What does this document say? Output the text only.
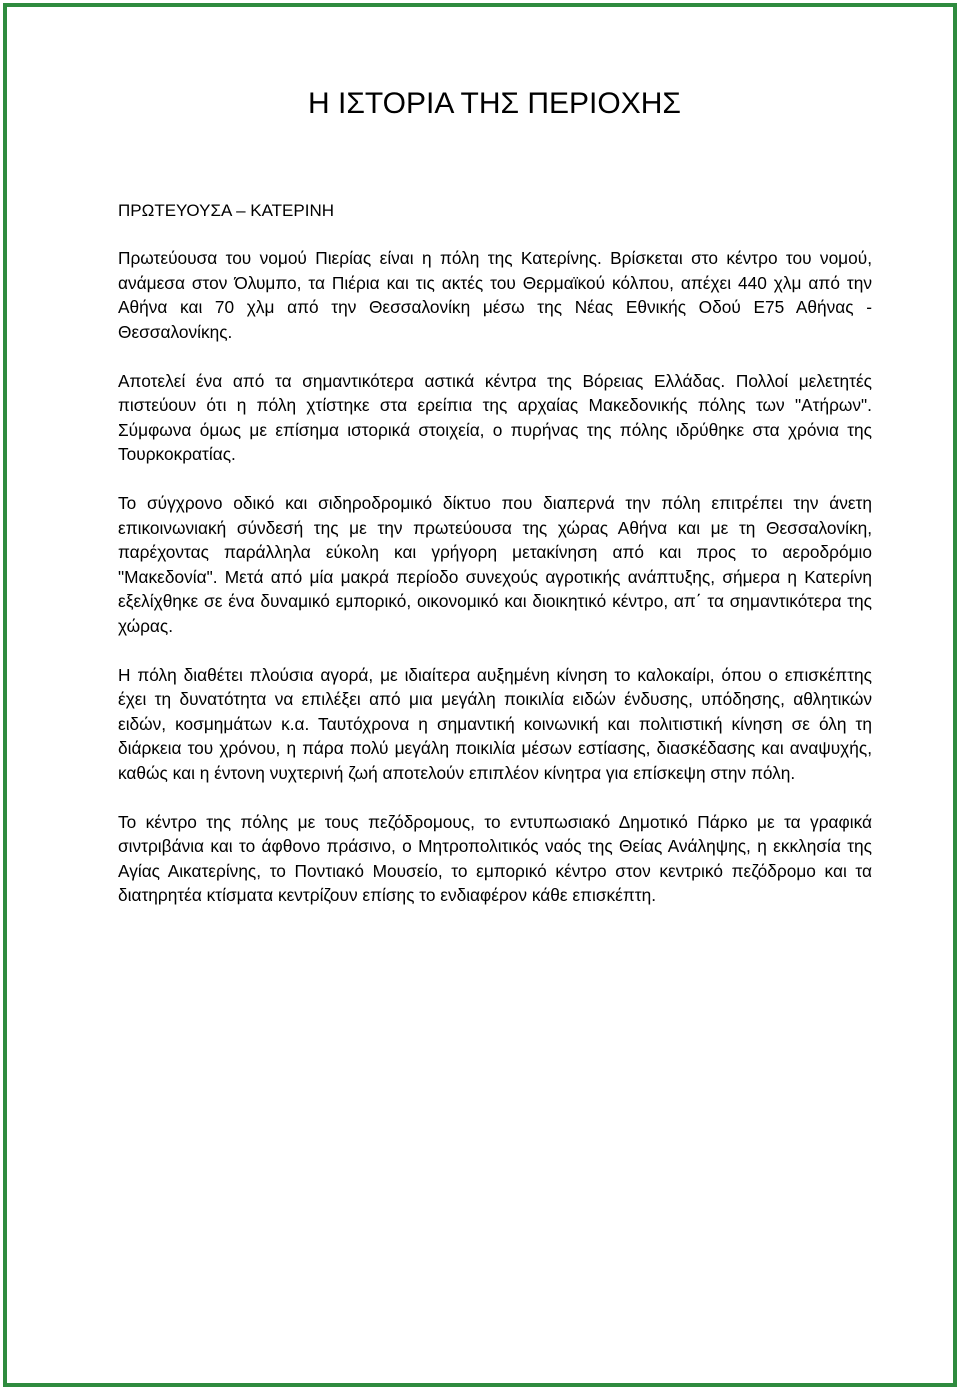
Η ΙΣΤΟΡΙΑ ΤΗΣ ΠΕΡΙΟΧΗΣ
ΠΡΩΤΕΥΟΥΣΑ – ΚΑΤΕΡΙΝΗ

Πρωτεύουσα του νομού Πιερίας είναι η πόλη της Κατερίνης. Βρίσκεται στο κέντρο του νομού, ανάμεσα στον Όλυμπο, τα Πιέρια και τις ακτές του Θερμαϊκού κόλπου, απέχει 440 χλμ από την Αθήνα και 70 χλμ από την Θεσσαλονίκη μέσω της Νέας Εθνικής Οδού Ε75 Αθήνας - Θεσσαλονίκης.

Αποτελεί ένα από τα σημαντικότερα αστικά κέντρα της Βόρειας Ελλάδας. Πολλοί μελετητές πιστεύουν ότι η πόλη χτίστηκε στα ερείπια της αρχαίας Μακεδονικής πόλης των "Ατήρων". Σύμφωνα όμως με επίσημα ιστορικά στοιχεία, ο πυρήνας της πόλης ιδρύθηκε στα χρόνια της Τουρκοκρατίας.

Το σύγχρονο οδικό και σιδηροδρομικό δίκτυο που διαπερνά την πόλη επιτρέπει την άνετη επικοινωνιακή σύνδεσή της με την πρωτεύουσα της χώρας Αθήνα και με τη Θεσσαλονίκη, παρέχοντας παράλληλα εύκολη και γρήγορη μετακίνηση από και προς το αεροδρόμιο "Μακεδονία". Μετά από μία μακρά περίοδο συνεχούς αγροτικής ανάπτυξης, σήμερα η Κατερίνη εξελίχθηκε σε ένα δυναμικό εμπορικό, οικονομικό και διοικητικό κέντρο, απ΄ τα σημαντικότερα της χώρας.

Η πόλη διαθέτει πλούσια αγορά, με ιδιαίτερα αυξημένη κίνηση το καλοκαίρι, όπου ο επισκέπτης έχει τη δυνατότητα να επιλέξει από μια μεγάλη ποικιλία ειδών ένδυσης, υπόδησης, αθλητικών ειδών, κοσμημάτων κ.α. Ταυτόχρονα η σημαντική κοινωνική και πολιτιστική κίνηση σε όλη τη διάρκεια του χρόνου, η πάρα πολύ μεγάλη ποικιλία μέσων εστίασης, διασκέδασης και αναψυχής, καθώς και η έντονη νυχτερινή ζωή αποτελούν επιπλέον κίνητρα για επίσκεψη στην πόλη.

Το κέντρο της πόλης με τους πεζόδρομους, το εντυπωσιακό Δημοτικό Πάρκο με τα γραφικά σιντριβάνια και το άφθονο πράσινο, ο Μητροπολιτικός ναός της Θείας Ανάληψης, η εκκλησία της Αγίας Αικατερίνης, το Ποντιακό Μουσείο, το εμπορικό κέντρο στον κεντρικό πεζόδρομο και τα διατηρητέα κτίσματα κεντρίζουν επίσης το ενδιαφέρον κάθε επισκέπτη.
